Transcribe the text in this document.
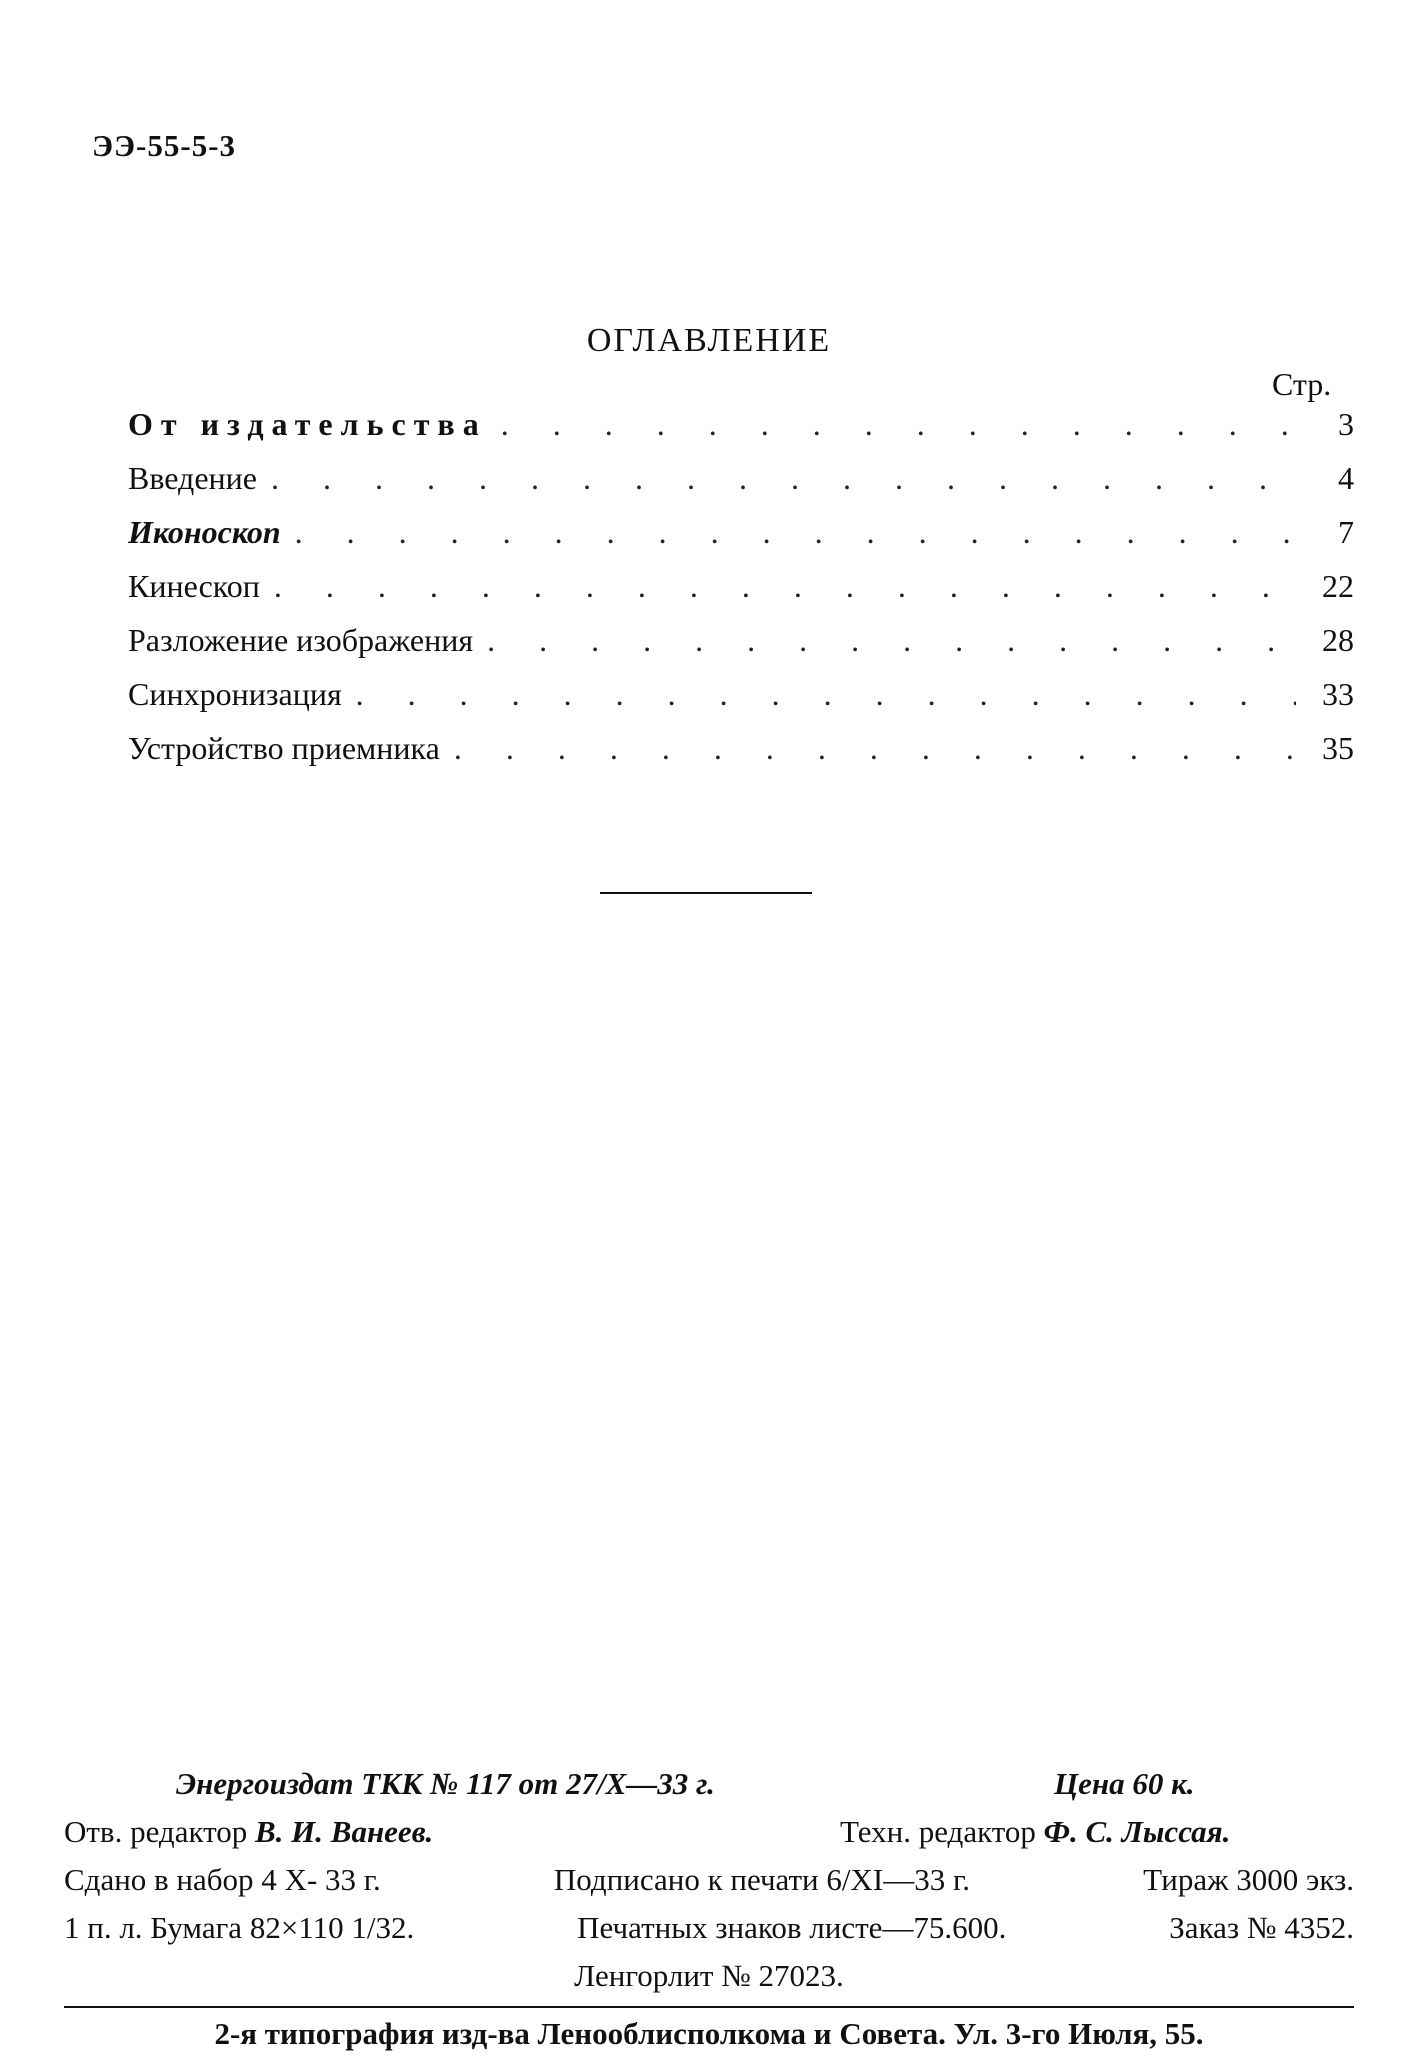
ЭЭ-55-5-3
ОГЛАВЛЕНИЕ
Стр.
От издательства . . .	3
Введение . . .	4
Иконоскоп . . .	7
Кинескоп . . .	22
Разложение изображения . . .	28
Синхронизация . . .	33
Устройство приемника . . .	35
Энергоиздат ТКК № 117 от 27/X—33 г.	Цена 60 к.
Отв. редактор В. И. Ванеев.	Техн. редактор Ф. С. Лыссая.
Сдано в набор 4 X- 33 г.	Подписано к печати 6/XI—33 г.	Тираж 3000 экз.
1 п. л. Бумага 82×110 1/32.	Печатных знаков листе—75.600.	Заказ № 4352.
Ленгорлит № 27023.
2-я типография изд-ва Ленооблисполкома и Совета. Ул. 3-го Июля, 55.
